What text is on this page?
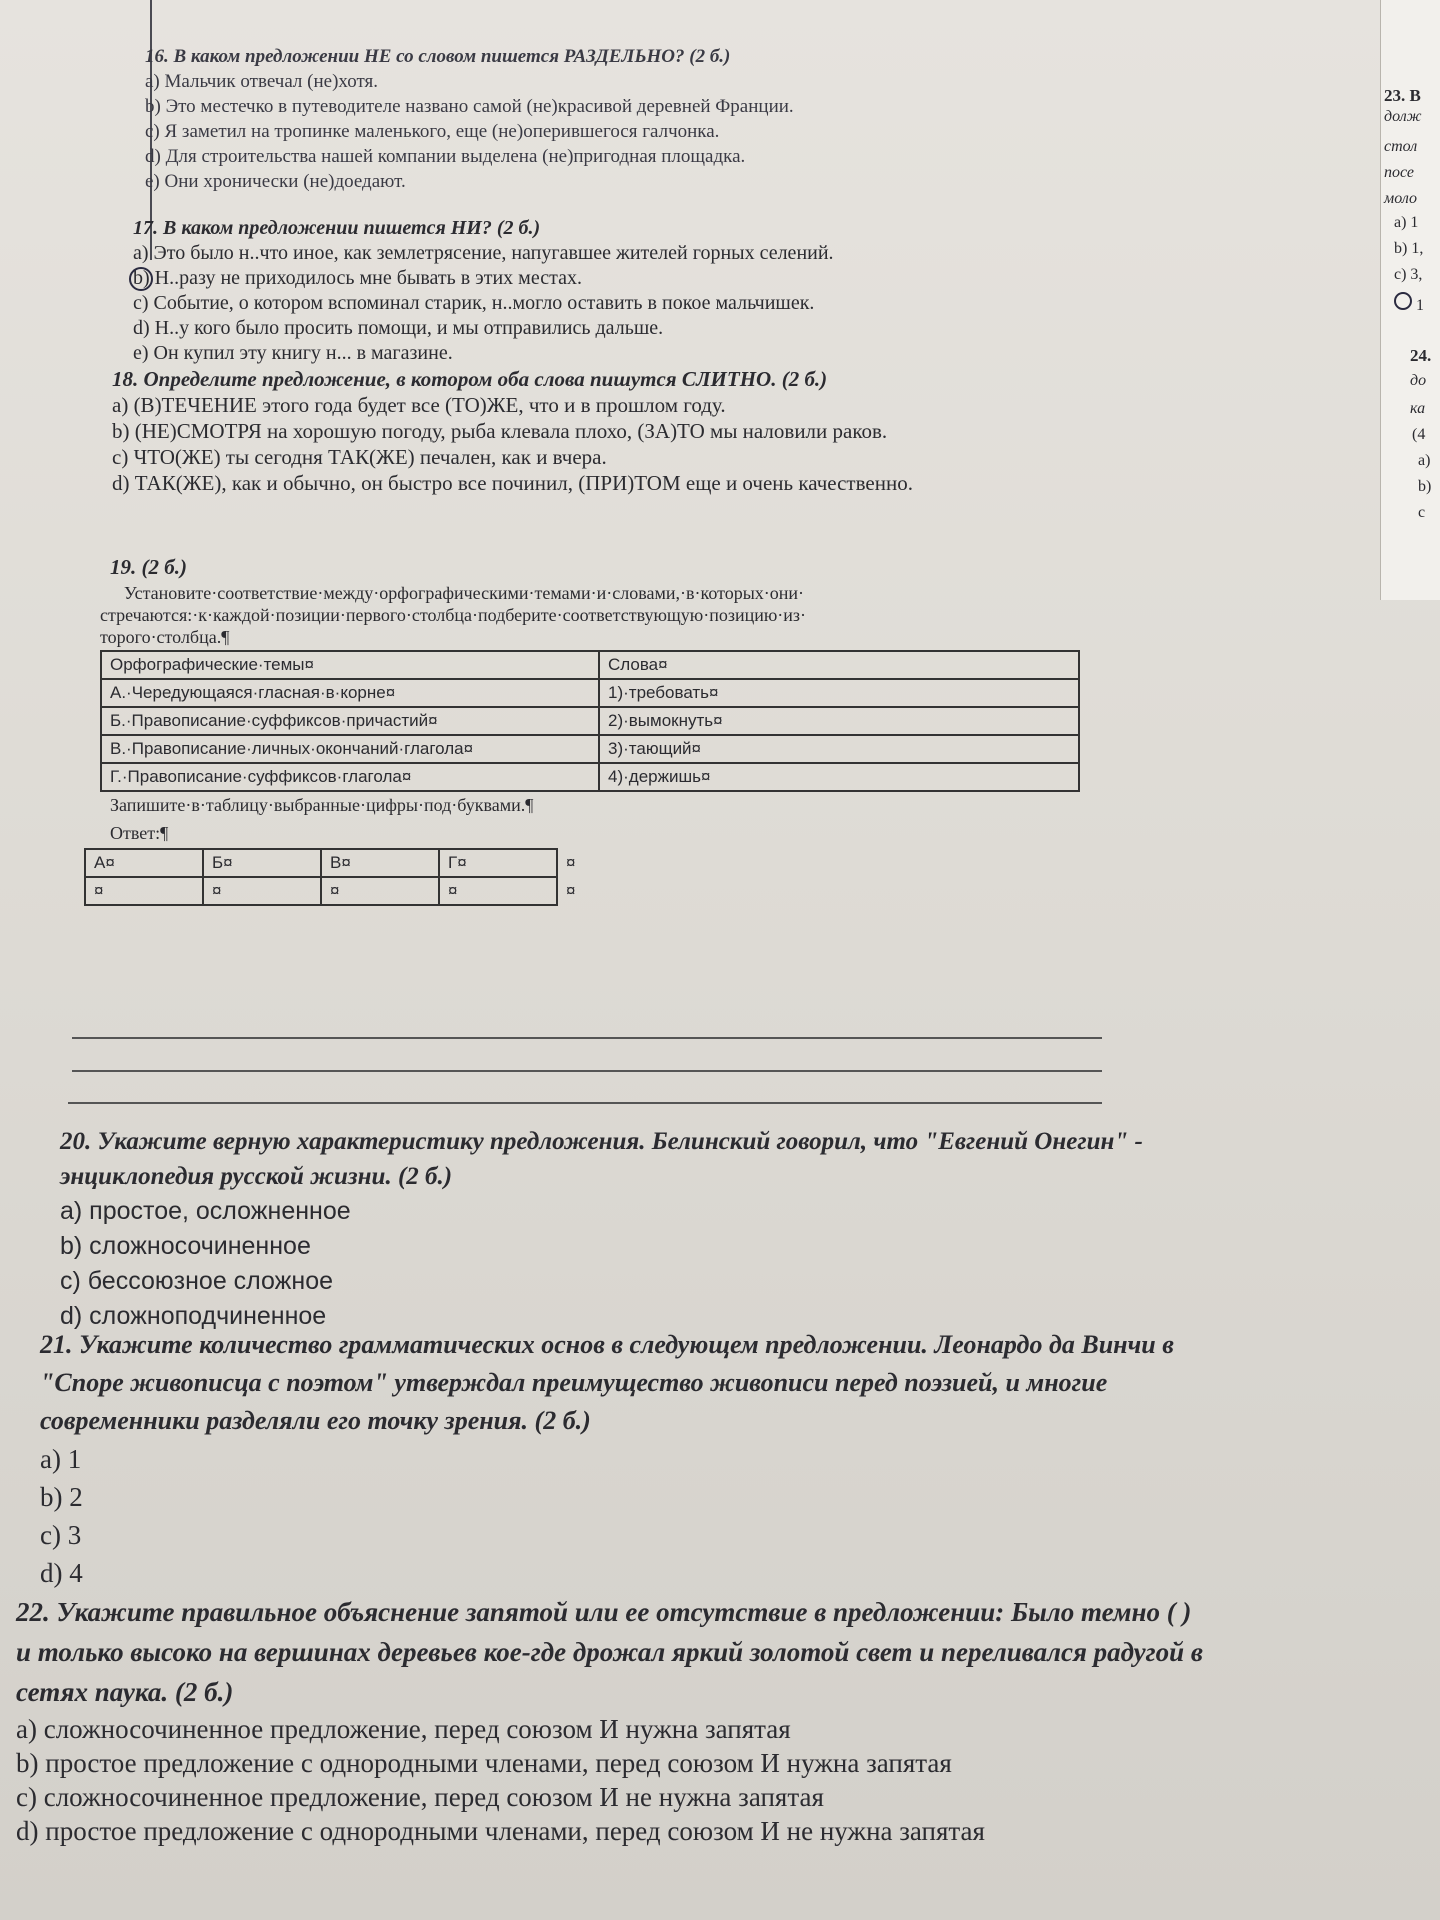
16. В каком предложении НЕ со словом пишется РАЗДЕЛЬНО? (2 б.)
a) Мальчик отвечал (не)хотя.
b) Это местечко в путеводителе названо самой (не)красивой деревней Франции.
c) Я заметил на тропинке маленького, еще (не)оперившегося галчонка.
d) Для строительства нашей компании выделена (не)пригодная площадка.
e) Они хронически (не)доедают.
17. В каком предложении пишется НИ? (2 б.)
a) Это было н..что иное, как землетрясение, напугавшее жителей горных селений.
b) Н..разу не приходилось мне бывать в этих местах.
c) Событие, о котором вспоминал старик, н..могло оставить в покое мальчишек.
d) Н..у кого было просить помощи, и мы отправились дальше.
e) Он купил эту книгу н... в магазине.
18. Определите предложение, в котором оба слова пишутся СЛИТНО. (2 б.)
a) (В)ТЕЧЕНИЕ этого года будет все (ТО)ЖЕ, что и в прошлом году.
b) (НЕ)СМОТРЯ на хорошую погоду, рыба клевала плохо, (ЗА)ТО мы наловили раков.
c) ЧТО(ЖЕ) ты сегодня ТАК(ЖЕ) печален, как и вчера.
d) ТАК(ЖЕ), как и обычно, он быстро все починил, (ПРИ)ТОМ еще и очень качественно.
19. (2 б.)
Установите·соответствие·между·орфографическими·темами·и·словами,·в·которых·они·
стречаются:·к·каждой·позиции·первого·столбца·подберите·соответствующую·позицию·из·
торого·столбца.¶
Орфографические·темы¤	Слова¤
А.·Чередующаяся·гласная·в·корне¤	1)·требовать¤
Б.·Правописание·суффиксов·причастий¤	2)·вымокнуть¤
В.·Правописание·личных·окончаний·глагола¤	3)·тающий¤
Г.·Правописание·суффиксов·глагола¤	4)·держишь¤
Запишите·в·таблицу·выбранные·цифры·под·буквами.¶
Ответ:¶
А¤	Б¤	В¤	Г¤	¤
¤	¤	¤	¤	¤
20. Укажите верную характеристику предложения. Белинский говорил, что "Евгений Онегин" -
энциклопедия русской жизни. (2 б.)
a) простое, осложненное
b) сложносочиненное
c) бессоюзное сложное
d) сложноподчиненное
21. Укажите количество грамматических основ в следующем предложении. Леонардо да Винчи в
"Споре живописца с поэтом" утверждал преимущество живописи перед поэзией, и многие
современники разделяли его точку зрения. (2 б.)
a) 1
b) 2
c) 3
d) 4
22. Укажите правильное объяснение запятой или ее отсутствие в предложении: Было темно ( )
и только высоко на вершинах деревьев кое-где дрожал яркий золотой свет и переливался радугой в
сетях паука. (2 б.)
a) сложносочиненное предложение, перед союзом И нужна запятая
b) простое предложение с однородными членами, перед союзом И нужна запятая
c) сложносочиненное предложение, перед союзом И не нужна запятая
d) простое предложение с однородными членами, перед союзом И не нужна запятая
23. В
долж
стол
посе
моло
a) 1
b) 1,
c) 3,
1
24.
до
ка
(4
a)
b)
c
